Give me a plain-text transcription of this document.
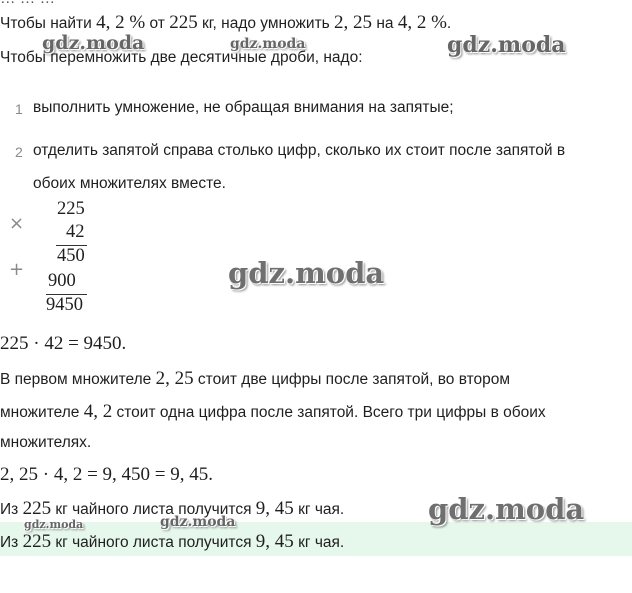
Чтобы найти 4, 2 % от 225 кг, надо умножить 2, 25 на 4, 2 %.
Чтобы перемножить две десятичные дроби, надо:
1 выполнить умножение, не обращая внимания на запятые;
2 отделить запятой справа столько цифр, сколько их стоит после запятой в
обоих множителях вместе.
×
+
225
42
450
900
9450
225 · 42 = 9450.
В первом множителе 2, 25 стоит две цифры после запятой, во втором
множителе 4, 2 стоит одна цифра после запятой. Всего три цифры в обоих
множителях.
2, 25 · 4, 2 = 9, 450 = 9, 45.
Из 225 кг чайного листа получится 9, 45 кг чая.
Из 225 кг чайного листа получится 9, 45 кг чая.
gdz.moda	gdz.moda	gdz.moda
gdz.moda
gdz.moda
gdz.moda	gdz.moda
